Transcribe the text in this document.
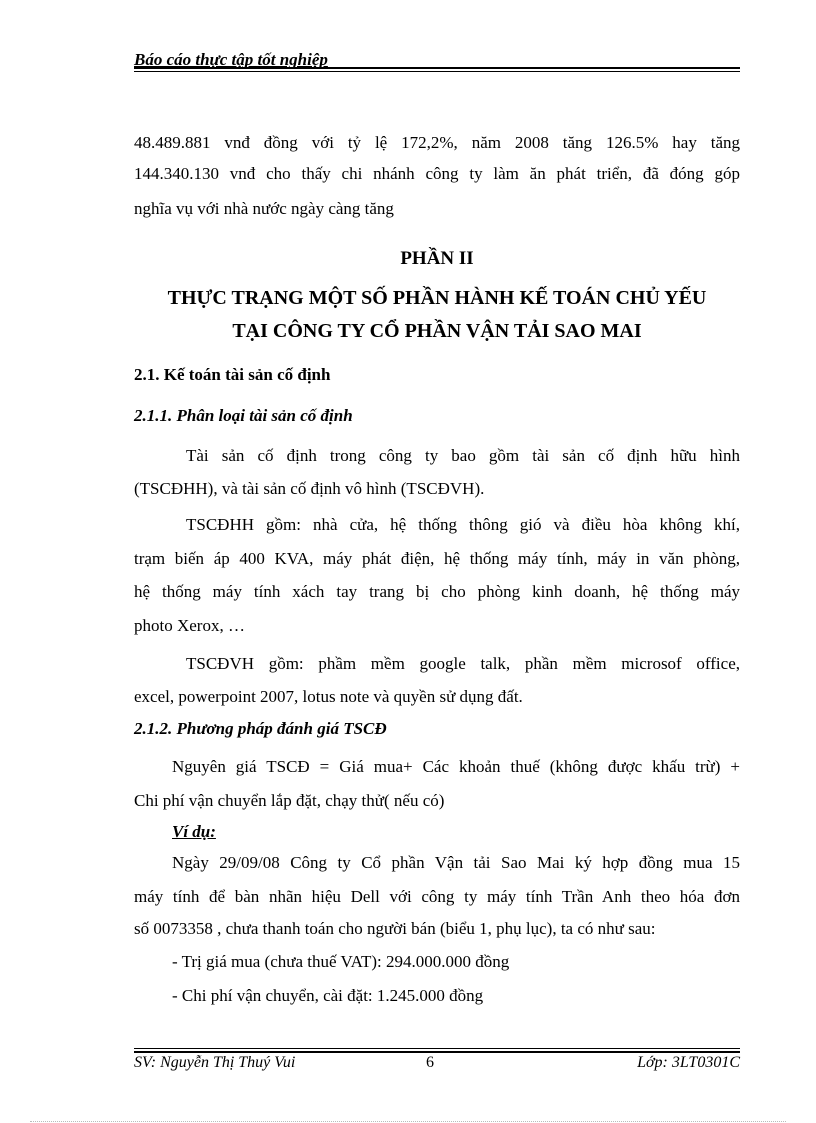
Báo cáo thực tập tốt nghiệp
48.489.881 vnđ đồng với tỷ lệ 172,2%, năm 2008 tăng 126.5% hay tăng
144.340.130 vnđ cho thấy chi nhánh công ty làm ăn phát triển, đã đóng góp
nghĩa vụ với nhà nước ngày càng tăng
PHẦN II
THỰC TRẠNG MỘT SỐ PHẦN HÀNH KẾ TOÁN CHỦ YẾU
TẠI CÔNG TY CỔ PHẦN VẬN TẢI SAO MAI
2.1. Kế toán tài sản cố định
2.1.1. Phân loại tài sản cố định
Tài sản cố định trong công ty bao gồm tài sản cố định hữu hình
(TSCĐHH), và tài sản cố định vô hình (TSCĐVH).
TSCĐHH gồm: nhà cửa, hệ thống thông gió và điều hòa không khí,
trạm biến áp 400 KVA, máy phát điện, hệ thống máy tính, máy in văn phòng,
hệ thống máy tính xách tay trang bị cho phòng kinh doanh, hệ thống máy
photo Xerox, …
TSCĐVH gồm: phầm mềm google talk, phần mềm microsof office,
excel, powerpoint 2007, lotus note và quyền sử dụng đất.
2.1.2. Phương pháp đánh giá TSCĐ
Nguyên giá TSCĐ = Giá mua+ Các khoản thuế (không được khấu trừ) +
Chi phí vận chuyển lắp đặt, chạy thử( nếu có)
Ví dụ:
Ngày 29/09/08 Công ty Cổ phần Vận tải Sao Mai ký hợp đồng mua 15
máy tính để bàn nhãn hiệu Dell với công ty máy tính Trần Anh theo hóa đơn
số 0073358 , chưa thanh toán cho người bán (biểu 1, phụ lục), ta có như sau:
- Trị giá mua (chưa thuế VAT): 294.000.000 đồng
- Chi phí vận chuyển, cài đặt: 1.245.000 đồng
SV: Nguyễn Thị Thuý Vui	6	Lớp: 3LT0301C
